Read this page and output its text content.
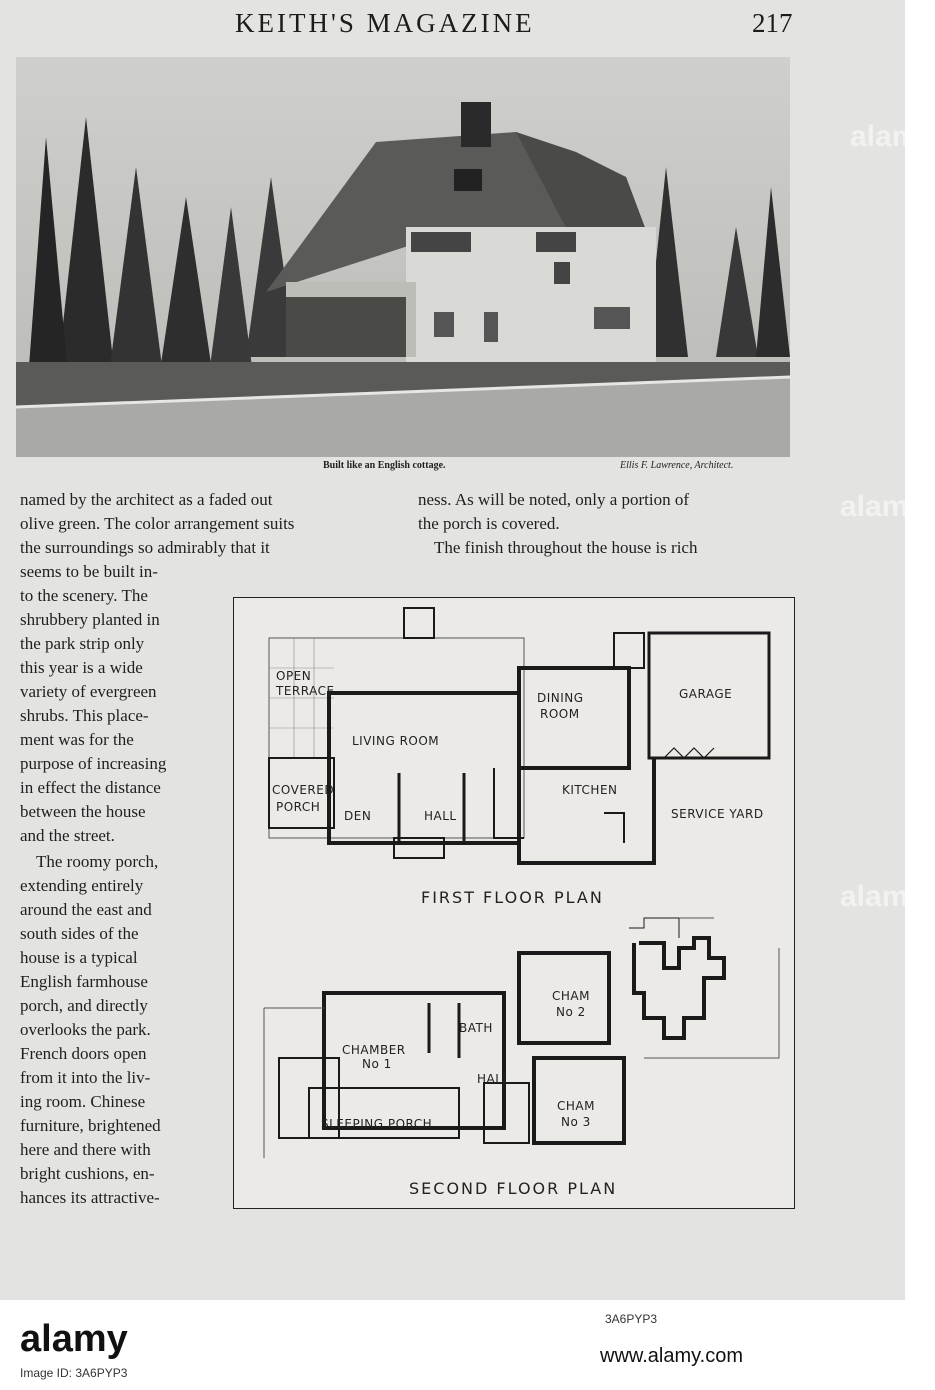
KEITH'S MAGAZINE	217
Built like an English cottage.	Ellis F. Lawrence, Architect.
named by the architect as a faded out
olive green. The color arrangement suits
the surroundings so admirably that it
seems to be built in-
to the scenery. The
shrubbery planted in
the park strip only
this year is a wide
variety of evergreen
shrubs. This place-
ment was for the
purpose of increasing
in effect the distance
between the house
and the street.
The roomy porch,
extending entirely
around the east and
south sides of the
house is a typical
English farmhouse
porch, and directly
overlooks the park.
French doors open
from it into the liv-
ing room. Chinese
furniture, brightened
here and there with
bright cushions, en-
hances its attractive-
ness. As will be noted, only a portion of
the porch is covered.
The finish throughout the house is rich
FIRST FLOOR PLAN
OPEN
TERRACE
LIVING ROOM
DINING
ROOM
GARAGE
COVERED
PORCH
DEN	HALL
KITCHEN
SERVICE YARD
SECOND FLOOR PLAN
CHAM
No 2
BATH
CHAMBER
No 1
HALL
CHAM
No 3
SLEEPING PORCH
alamy
alamy
alamy
alamy
Image ID: 3A6PYP3
3A6PYP3
www.alamy.com
